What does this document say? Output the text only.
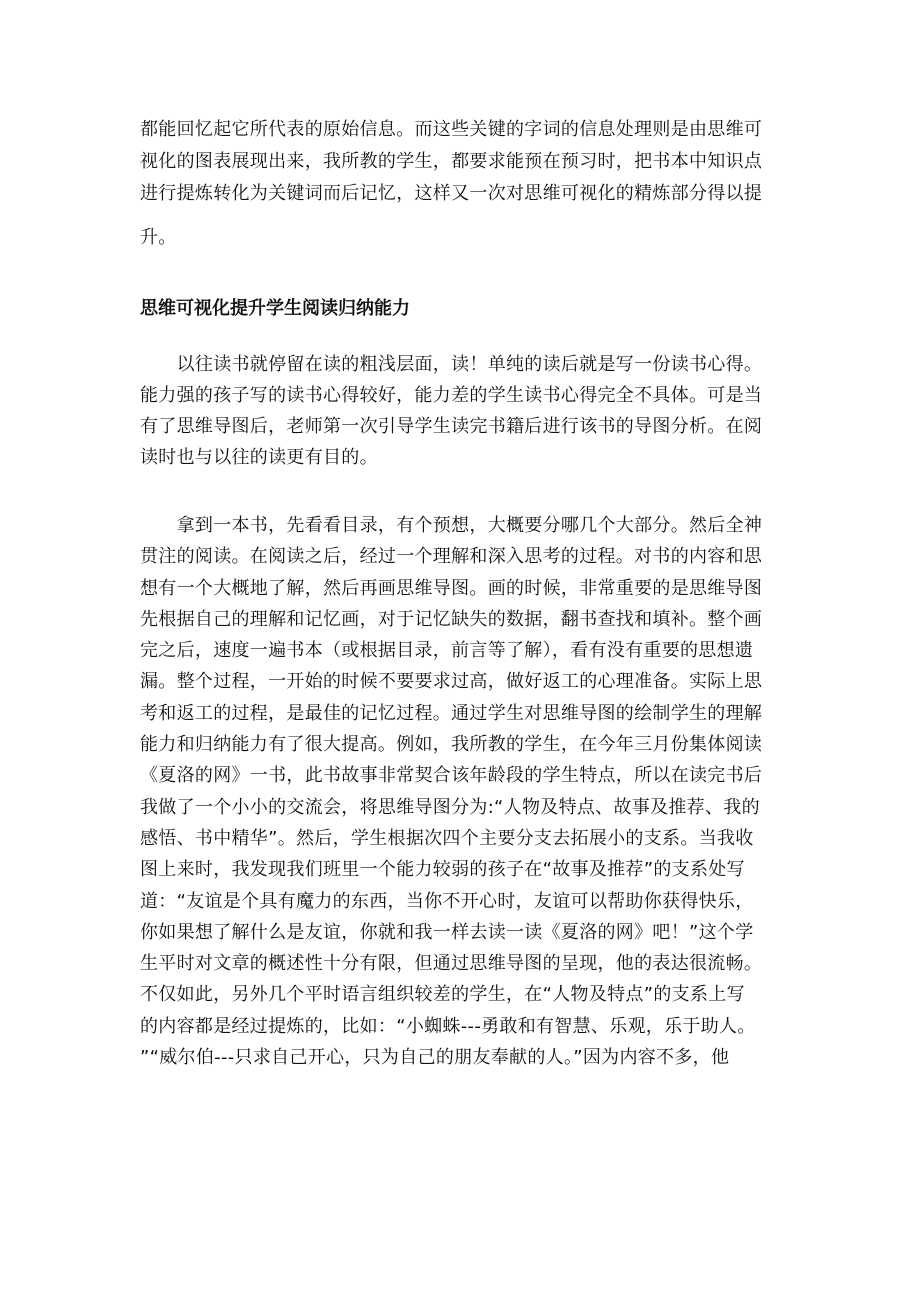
都能回忆起它所代表的原始信息。而这些关键的字词的信息处理则是由思维可
视化的图表展现出来，我所教的学生，都要求能预在预习时，把书本中知识点
进行提炼转化为关键词而后记忆，这样又一次对思维可视化的精炼部分得以提
升。
思维可视化提升学生阅读归纳能力
　　以往读书就停留在读的粗浅层面，读！单纯的读后就是写一份读书心得。
能力强的孩子写的读书心得较好，能力差的学生读书心得完全不具体。可是当
有了思维导图后，老师第一次引导学生读完书籍后进行该书的导图分析。在阅
读时也与以往的读更有目的。
　　拿到一本书，先看看目录，有个预想，大概要分哪几个大部分。然后全神
贯注的阅读。在阅读之后，经过一个理解和深入思考的过程。对书的内容和思
想有一个大概地了解，然后再画思维导图。画的时候，非常重要的是思维导图
先根据自己的理解和记忆画，对于记忆缺失的数据，翻书查找和填补。整个画
完之后，速度一遍书本（或根据目录，前言等了解），看有没有重要的思想遗
漏。整个过程，一开始的时候不要要求过高，做好返工的心理准备。实际上思
考和返工的过程，是最佳的记忆过程。通过学生对思维导图的绘制学生的理解
能力和归纳能力有了很大提高。例如，我所教的学生，在今年三月份集体阅读
《夏洛的网》一书，此书故事非常契合该年龄段的学生特点，所以在读完书后
我做了一个小小的交流会，将思维导图分为:“人物及特点、故事及推荐、我的
感悟、书中精华”。然后，学生根据次四个主要分支去拓展小的支系。当我收
图上来时，我发现我们班里一个能力较弱的孩子在“故事及推荐”的支系处写
道：“友谊是个具有魔力的东西，当你不开心时，友谊可以帮助你获得快乐，
你如果想了解什么是友谊，你就和我一样去读一读《夏洛的网》吧！”这个学
生平时对文章的概述性十分有限，但通过思维导图的呈现，他的表达很流畅。
不仅如此，另外几个平时语言组织较差的学生，在“人物及特点”的支系上写
的内容都是经过提炼的，比如：“小蜘蛛---勇敢和有智慧、乐观，乐于助人。
”“威尔伯---只求自己开心，只为自己的朋友奉献的人。”因为内容不多，他
